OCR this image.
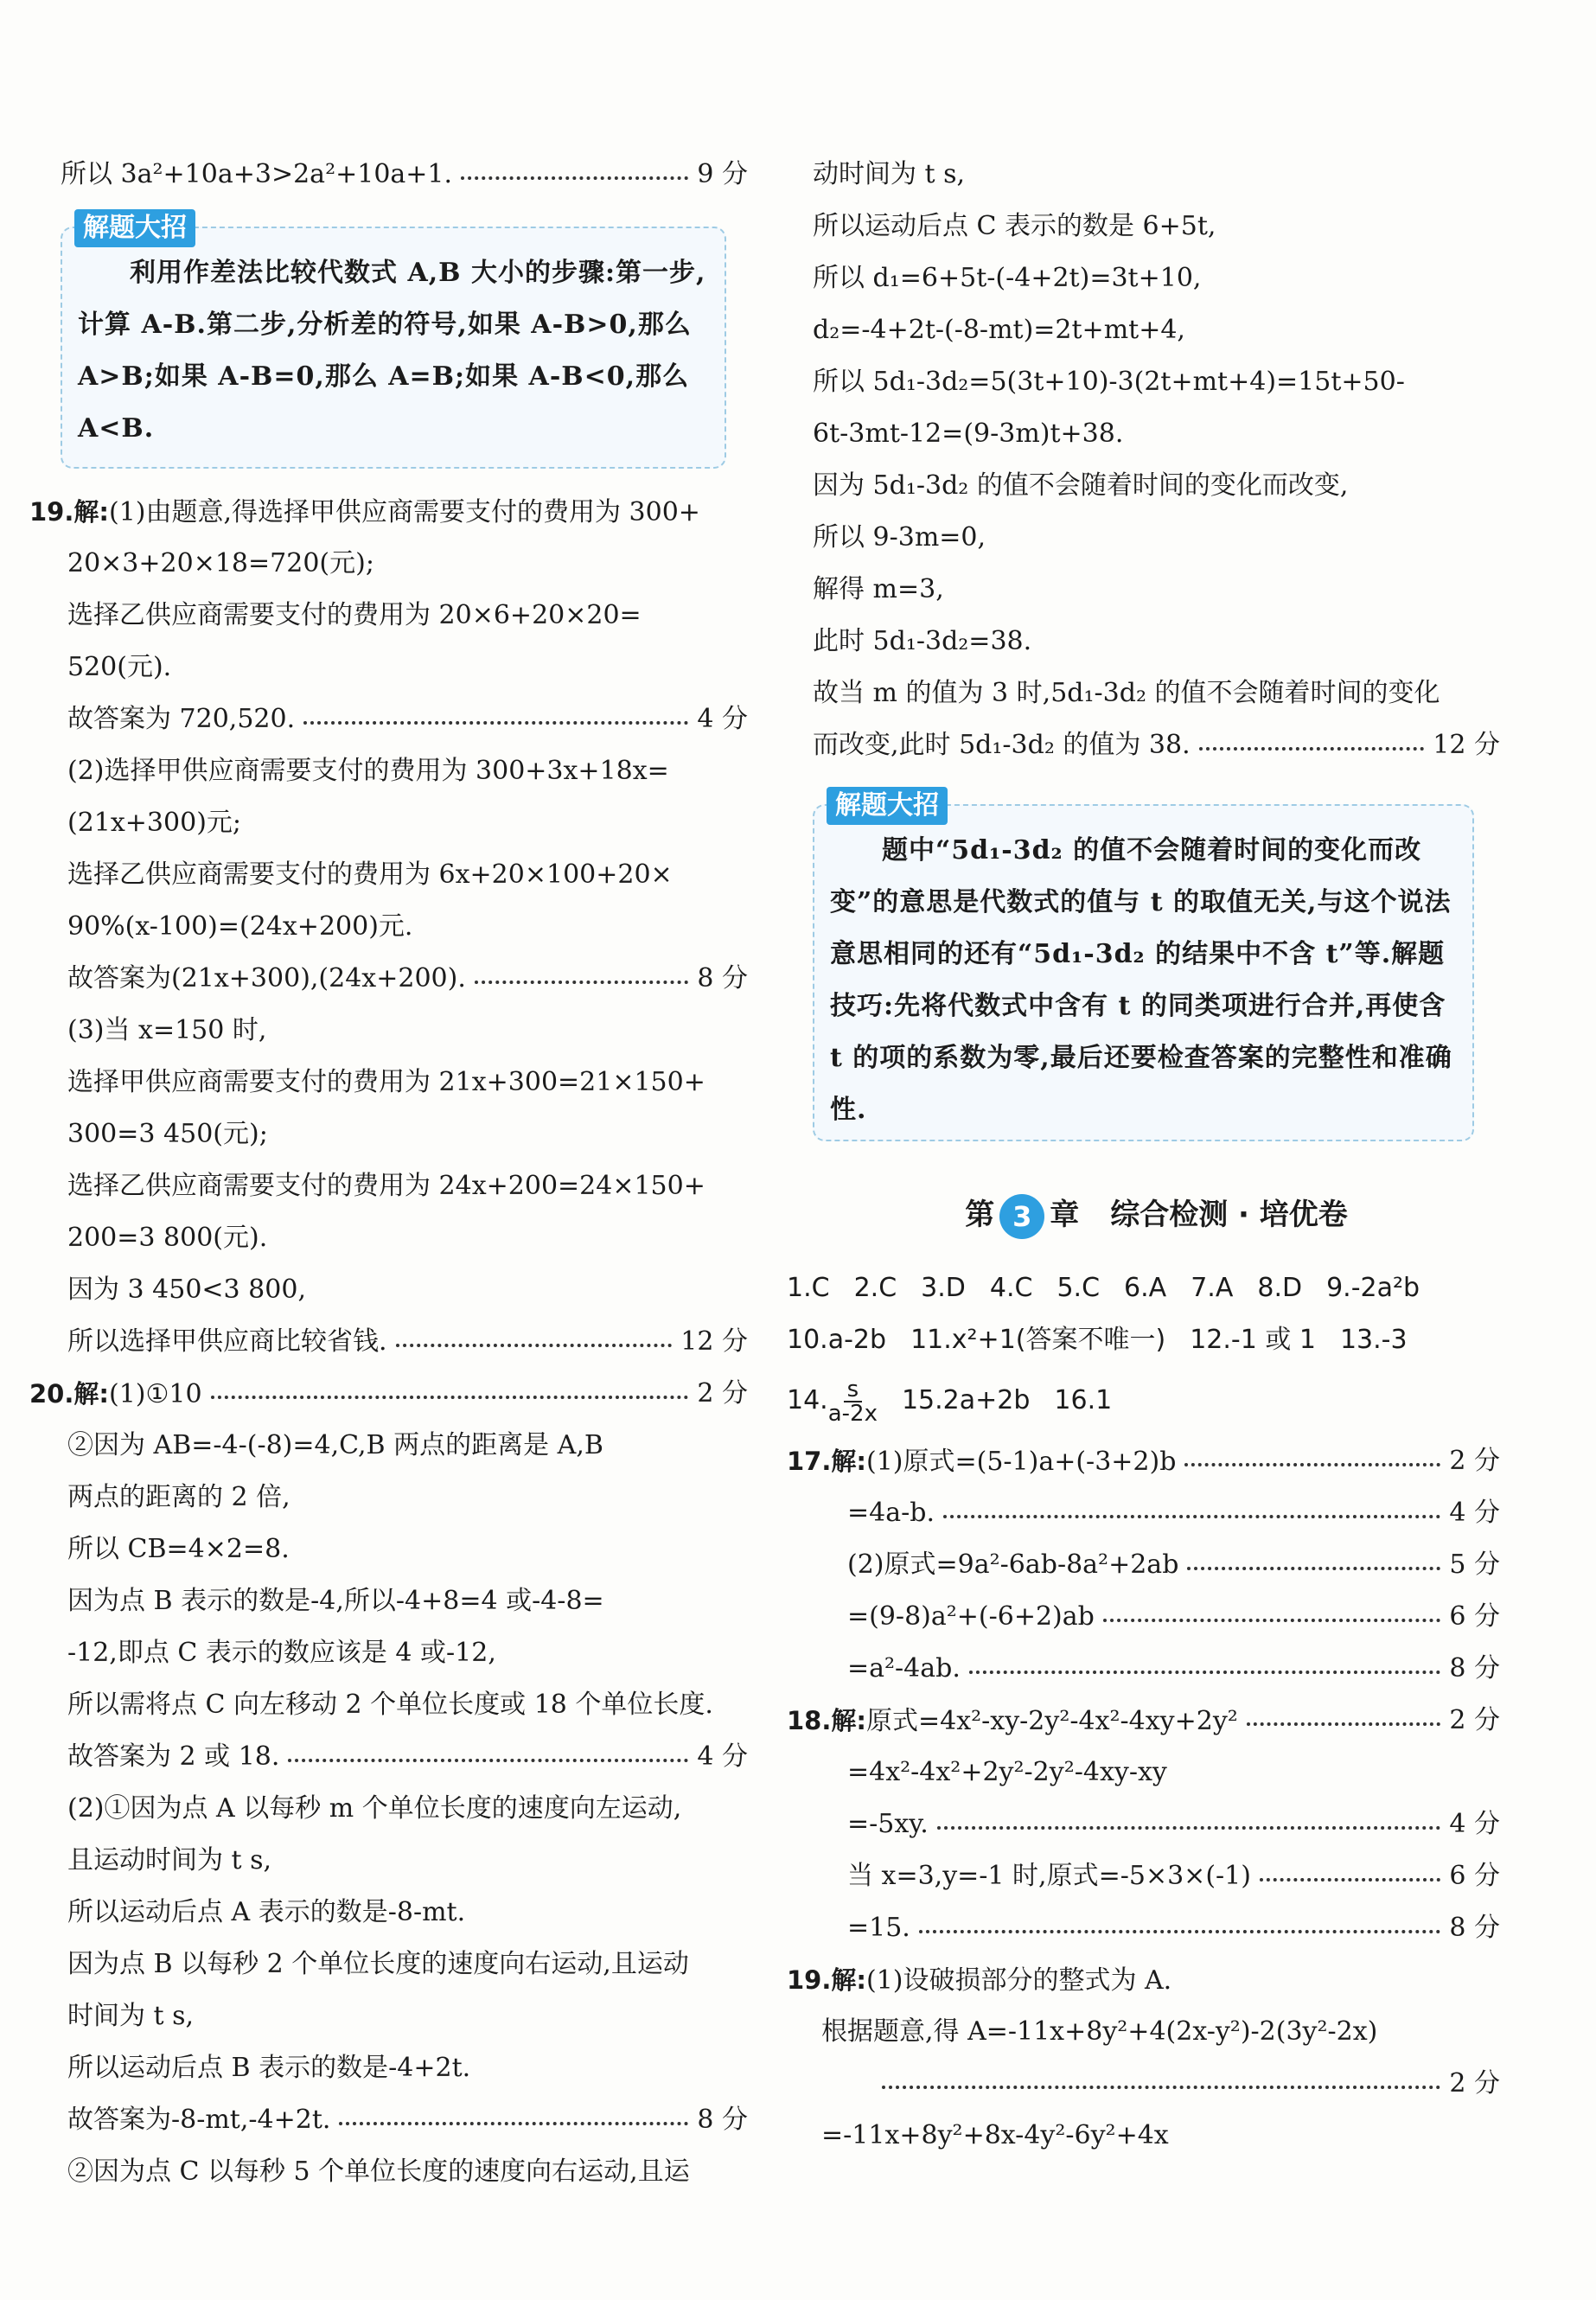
所以 3a²+10a+3>2a²+10a+1.	9 分
解题大招

利用作差法比较代数式 A,B 大小的步骤:第一步,计算 A-B.第二步,分析差的符号,如果 A-B>0,那么 A>B;如果 A-B=0,那么 A=B;如果 A-B<0,那么 A<B.

19.解:(1)由题意,得选择甲供应商需要支付的费用为 300+
20×3+20×18=720(元);
选择乙供应商需要支付的费用为 20×6+20×20=
520(元).
故答案为 720,520.	4 分
(2)选择甲供应商需要支付的费用为 300+3x+18x=
(21x+300)元;
选择乙供应商需要支付的费用为 6x+20×100+20×
90%(x-100)=(24x+200)元.
故答案为(21x+300),(24x+200).	8 分
(3)当 x=150 时,
选择甲供应商需要支付的费用为 21x+300=21×150+
300=3 450(元);
选择乙供应商需要支付的费用为 24x+200=24×150+
200=3 800(元).
因为 3 450<3 800,
所以选择甲供应商比较省钱.	12 分
20.解:(1)①10	2 分
②因为 AB=-4-(-8)=4,C,B 两点的距离是 A,B
两点的距离的 2 倍,
所以 CB=4×2=8.
因为点 B 表示的数是-4,所以-4+8=4 或-4-8=
-12,即点 C 表示的数应该是 4 或-12,
所以需将点 C 向左移动 2 个单位长度或 18 个单位长度.
故答案为 2 或 18.	4 分
(2)①因为点 A 以每秒 m 个单位长度的速度向左运动,
且运动时间为 t s,
所以运动后点 A 表示的数是-8-mt.
因为点 B 以每秒 2 个单位长度的速度向右运动,且运动
时间为 t s,
所以运动后点 B 表示的数是-4+2t.
故答案为-8-mt,-4+2t.	8 分
②因为点 C 以每秒 5 个单位长度的速度向右运动,且运
动时间为 t s,
所以运动后点 C 表示的数是 6+5t,
所以 d₁=6+5t-(-4+2t)=3t+10,
d₂=-4+2t-(-8-mt)=2t+mt+4,
所以 5d₁-3d₂=5(3t+10)-3(2t+mt+4)=15t+50-
6t-3mt-12=(9-3m)t+38.
因为 5d₁-3d₂ 的值不会随着时间的变化而改变,
所以 9-3m=0,
解得 m=3,
此时 5d₁-3d₂=38.
故当 m 的值为 3 时,5d₁-3d₂ 的值不会随着时间的变化
而改变,此时 5d₁-3d₂ 的值为 38.	12 分
解题大招

题中“5d₁-3d₂ 的值不会随着时间的变化而改变”的意思是代数式的值与 t 的取值无关,与这个说法意思相同的还有“5d₁-3d₂ 的结果中不含 t”等.解题技巧:先将代数式中含有 t 的同类项进行合并,再使含 t 的项的系数为零,最后还要检查答案的完整性和准确性.

第 3 章 综合检测 · 培优卷
1.C 2.C 3.D 4.C 5.C 6.A 7.A 8.D 9.-2a²b
10.a-2b 11.x²+1(答案不唯一) 12.-1 或 1 13.-3
14. $\frac{s}{a-2x} 15.2a+2b$ 16.1
17.解:(1)原式=(5-1)a+(-3+2)b	2 分
=4a-b.	4 分
(2)原式=9a²-6ab-8a²+2ab	5 分
=(9-8)a²+(-6+2)ab	6 分
=a²-4ab.	8 分
18.解:原式=4x²-xy-2y²-4x²-4xy+2y²	2 分
=4x²-4x²+2y²-2y²-4xy-xy
=-5xy.	4 分
当 x=3,y=-1 时,原式=-5×3×(-1)	6 分
=15.	8 分
19.解:(1)设破损部分的整式为 A.
根据题意,得 A=-11x+8y²+4(2x-y²)-2(3y²-2x)
2 分
=-11x+8y²+8x-4y²-6y²+4x
